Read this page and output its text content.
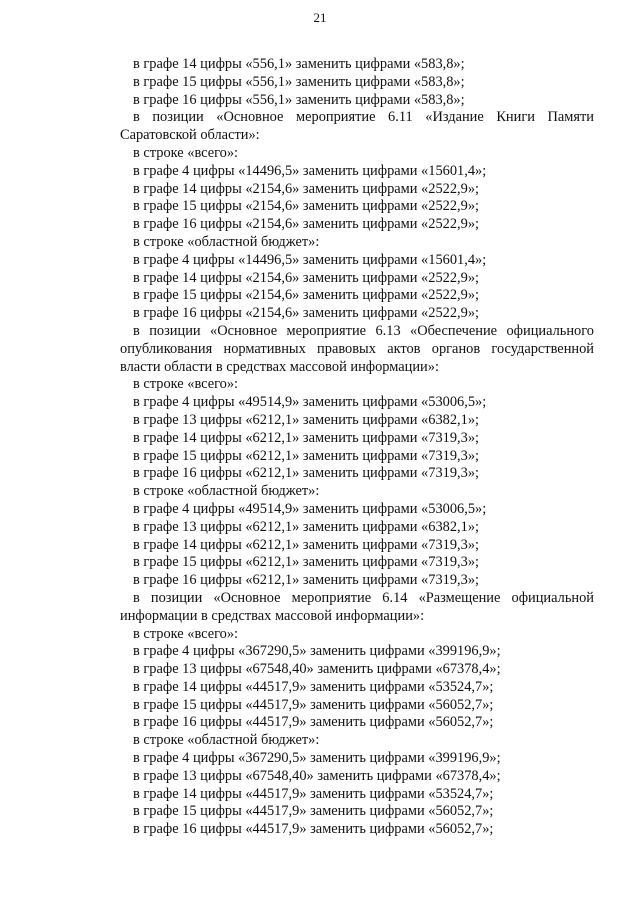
21
в графе 14 цифры «556,1» заменить цифрами «583,8»;
в графе 15 цифры «556,1» заменить цифрами «583,8»;
в графе 16 цифры «556,1» заменить цифрами «583,8»;
в позиции «Основное мероприятие 6.11 «Издание Книги Памяти Саратовской области»:
в строке «всего»:
в графе 4 цифры «14496,5» заменить цифрами «15601,4»;
в графе 14 цифры «2154,6» заменить цифрами «2522,9»;
в графе 15 цифры «2154,6» заменить цифрами «2522,9»;
в графе 16 цифры «2154,6» заменить цифрами «2522,9»;
в строке «областной бюджет»:
в графе 4 цифры «14496,5» заменить цифрами «15601,4»;
в графе 14 цифры «2154,6» заменить цифрами «2522,9»;
в графе 15 цифры «2154,6» заменить цифрами «2522,9»;
в графе 16 цифры «2154,6» заменить цифрами «2522,9»;
в позиции «Основное мероприятие 6.13 «Обеспечение официального опубликования нормативных правовых актов органов государственной власти области в средствах массовой информации»:
в строке «всего»:
в графе 4 цифры «49514,9» заменить цифрами «53006,5»;
в графе 13 цифры «6212,1» заменить цифрами «6382,1»;
в графе 14 цифры «6212,1» заменить цифрами «7319,3»;
в графе 15 цифры «6212,1» заменить цифрами «7319,3»;
в графе 16 цифры «6212,1» заменить цифрами «7319,3»;
в строке «областной бюджет»:
в графе 4 цифры «49514,9» заменить цифрами «53006,5»;
в графе 13 цифры «6212,1» заменить цифрами «6382,1»;
в графе 14 цифры «6212,1» заменить цифрами «7319,3»;
в графе 15 цифры «6212,1» заменить цифрами «7319,3»;
в графе 16 цифры «6212,1» заменить цифрами «7319,3»;
в позиции «Основное мероприятие 6.14 «Размещение официальной информации в средствах массовой информации»:
в строке «всего»:
в графе 4 цифры «367290,5» заменить цифрами «399196,9»;
в графе 13 цифры «67548,40» заменить цифрами «67378,4»;
в графе 14 цифры «44517,9» заменить цифрами «53524,7»;
в графе 15 цифры «44517,9» заменить цифрами «56052,7»;
в графе 16 цифры «44517,9» заменить цифрами «56052,7»;
в строке «областной бюджет»:
в графе 4 цифры «367290,5» заменить цифрами «399196,9»;
в графе 13 цифры «67548,40» заменить цифрами «67378,4»;
в графе 14 цифры «44517,9» заменить цифрами «53524,7»;
в графе 15 цифры «44517,9» заменить цифрами «56052,7»;
в графе 16 цифры «44517,9» заменить цифрами «56052,7»;
